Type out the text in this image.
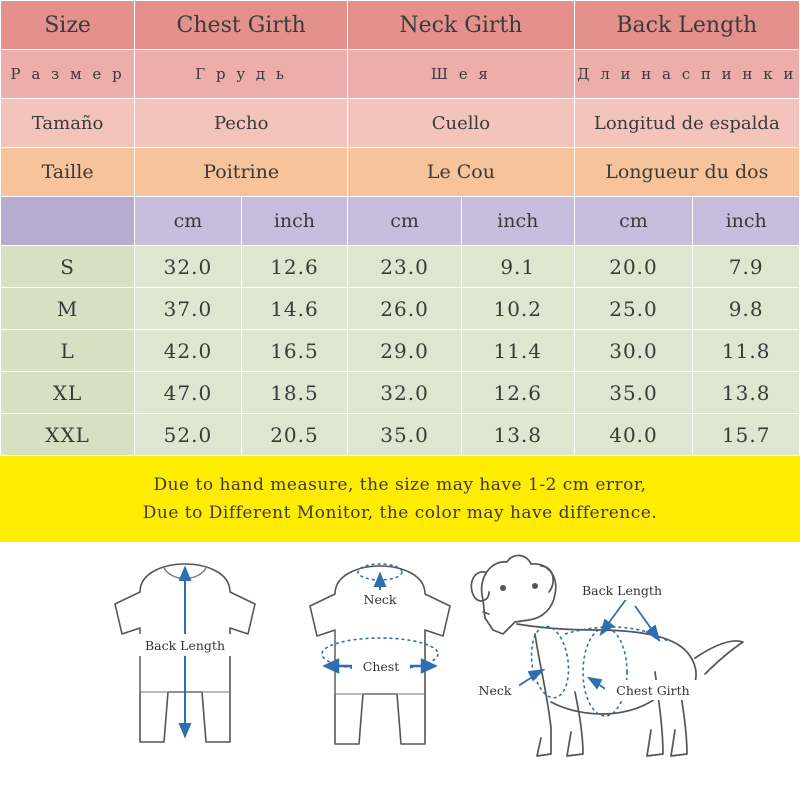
Size	Chest Girth		Neck Girth		Back Length	
Р а з м е р	Г р у д ь		Ш е я		Д л и н а с п и н к и	
Tamaño	Pecho		Cuello		Longitud de espalda	
Taille	Poitrine		Le Cou		Longueur du dos	
	cm	inch	cm	inch	cm	inch
S	32.0	12.6	23.0	9.1	20.0	7.9
M	37.0	14.6	26.0	10.2	25.0	9.8
L	42.0	16.5	29.0	11.4	30.0	11.8
XL	47.0	18.5	32.0	12.6	35.0	13.8
XXL	52.0	20.5	35.0	13.8	40.0	15.7
Due to hand measure, the size may have 1-2 cm error,
Due to Different Monitor, the color may have difference.
Back Length
Neck
Chest
Back Length
Neck	Chest Girth
